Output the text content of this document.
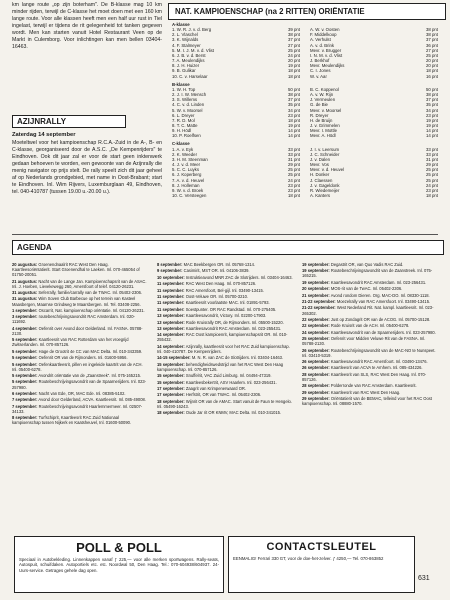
km lange route „op zijn boterham". De B-klasse mag 10 km minder rijden, terwijl de C-klasse het moet doen met een 160 km lange route. Voor alle klassen heeft men een half uur rust in Tiel ingelast, terwijl er tijdens de rit gelegenheid tot tanken gegeven wordt. Men kan starten vanuit Hotel Restaurant Veen op de Markt in Culemborg. Voor inlichtingen kan men bellen 03404-16463.
AZIJNRALLY
Zaterdag 14 september
Moeteltwel voor het kampioenschap R.C.A.-Zuid in de A-, B- en C-klasse, georganiseerd door de A.S.C. „De Kempenrijders" te Eindhoven. Ook dit jaar zal er voor de start geen inktenwerk gedaan behoeven te worden, een gewoonte van de Azijnrally die menig navigator op prijs stelt. De rally speelt zich dit jaar geheel af op Nederlands grondgebied, met name in Oost-Brabant; start te Eindhoven. Inl. Wim Rijvers, Luxemburglaan 49, Eindhoven, tel. 040-410787 (tussen 19.00 u.-20.00 u.).
NAT. KAMPIOENSCHAP (na 2 RITTEN) ORIËNTATIE
A-klasse
1. W. R. J. v. d. Berg	39 pnt
2. L. Vlaschel	38 pnt
3. K. Wijnalds	37 pnt
4. F. Stalmeyer	27 pnt
5. M. I. J. M. v. d. Vlist	25 pnt
6. J. B. v. d. Berst	24 pnt
7. A. Meulendijks	20 pnt
8. J. H. Huizer	19 pnt
9. B. Gulikar	18 pnt
10. C. v. Harselaar	18 pnt
A. W. v. Oosten	38 pnt
F. Middelkoop	38 pnt
A. Verhulst	37 pnt
A. v. d. Brink	36 pnt
Mevr. v. Brugger	27 pnt
I. N. M. v. d. Vlist	25 pnt
J. Berkhof	20 pnt
Mevr. Meulendijks	20 pnt
C. I. Jones	18 pnt
W. v. Aar	16 pnt
B-klasse
1. W. H. Top	50 pnt
2. J. I. W. Mensch	38 pnt
3. S. Willems	37 pnt
4. C. v. d. Linden	35 pnt
5. W. v. Moorsel	34 pnt
6. L. Dreyer	23 pnt
7. R. D. Mol	18 pnt
8. T. C. Matte	19 pnt
9. H. Hödl	14 pnt
10. P. Roelfsen	14 pnt
B. C. Koppenol	50 pnt
A. v. W. Rijn	38 pnt
J. Vermeulen	37 pnt
G. de Bie	35 pnt
Mevr. v. Moorsel	34 pnt
R. Dreyer	23 pnt
H. de Bruijn	19 pnt
J. v. Grimmelen	19 pnt
Mevr. I. Mottle	14 pnt
Mevr. A. Hödl	14 pnt
C-klasse
1. A. v. Eyk	33 pnt
2. K. Weeder	33 pnt
3. H. M. Steenman	31 pnt
4. J. v. d. Meer	29 pnt
5. C. C. Luyks	25 pnt
6. J. Koperberg	25 pnt
7. A. v. d. Heuvel	24 pnt
8. J. Holleman	23 pnt
9. W. v. d. Broek	23 pnt
10. C. Versteegen	18 pnt
J. I. v. Leersum	33 pnt
J. C. Schneider	33 pnt
J. v. Dalen	31 pnt
Mevr. Vos	29 pnt
Mevr. v. d. Heuvel	25 pnt
H. Donker	25 pnt
J. Claessen	25 pnt
J. v. Gageldonk	24 pnt
R. Wiedemeijer	23 pnt
A. Kanters	18 pnt
AGENDA

20 augustus: Groenendnaalrit RAC West Den Haag. Kaartleesoriëntatierit. Start Groenendhal te Laeken. Inl. 070-465054 of 01750-20051.

21 augustus: Nacht van de Lange Jan. Kampioenschapsrit van de ASAC. Inl. J. Hoeben, Lievekewegg 260, Amersfoort of telef. 04120-26231.

31 augustus: Seferrally, familie/carrally van de TWAC. Inl. 05402-2306.

31 augustus: Wim Soven Club Barbecue op het terrein van Kasteel Maasbergen, Maarnse Grindweg te Maarsbergen. Inl. Tel. 03408-2256.

1 september: Oscarrit, Nat. kampioenschap oriëntatie. Inl. 04120-26231.

3 september: routebeschrijvingsavondrit RAC Amsterdam. Inl. 020-111692.

4 september: Oefenrit over Avond door Gelderland. Inl. FASNA. 05788-2130.

5 september: Kaartleesrit van RAC Rotterdam van het vroegrijd Zwitserlanden. Inl. 070-857126.

5 september: Hage de Grootrit 4e CC van MAC Delta. Inl. 010-343359.

5 september: Oefenrit OR van de Rijmonders. Inl. 01600-5956.

5 september: Oefenkaartleesrit, pillen en ingeleide kaartrit van de ACH. Inl. 05400-6278.

5 september: Avondrit oriëntatie van de „Zaanstreek". Inl. 075-165215.

5 september: Routebeschrijvingsavondrit van de Spaarnerijders. Inl. 023-257980.

6 september: Nacht van Ede, OR, MAC Ede. Inl. 08385-5102.

7 september: Avond door Gelderland, ACVA. Kaartleesrit. Inl. 085-49008.

7 september: Routebeschrijvingsavondrit Haarlemmermeer. Inl. 02507-34133.

8 september: Turfschiprit, Kaartleesrit RAC Zuid Nationaal kampioenschap tussen Nijkerk en Kaatsheuvel, Inl. 01600-50090.

8 september: MAC Beekbergen OR. Inl. 05768-1314.

9 september: Casimirit, MST OR. Inl. 04106-3839.

10 september: Instruktieavond MNR ZAC de Slotrijders. Inl. 03404-16463.

11 september: RAC West Den Haag. Inl. 070-857126.

11 september: RAC Amersfoort, Bel-gijl. Inl. 03490-13415.

11 september: Oost-Veluwe OR. Inl. 05700-3210.

11 september: Kaartleesrit voorlaatste MAC. Inl. 01891-5793.

11 september: Soestpunter. OR RAC Randstad. Inl. 070-275405.

13 september: Kaartleesavondrit, Victory. Inl. 02200-17903.

13 september: Rode Kruisrally OR, de Rijmonders. Inl. 05500-15220.

13 september: Kaartleesavondrit RAC Amsterdam. Inl. 023-255431.

14 september: RAC Oost kampioenrit, kampioenschapsrit OR. Inl. 010-255432.

14 september: Azijnrally, kaartleesrit voor het RAC Zuid kampioenschap. Inl. 040-410787. De Kempenrijders.

14-15 september: M. N. R. van ZAC de Slotrijders. Inl. 03404-16463.

15 september: behendigheidswedstrijd van het RAC West Den Haag kampioenschap. Inl. 070-857126.

15 september: Snuffelrit, VAC Zuid Limburg. Inl. 04494-47319.

15 september: Kaartleesbekertrit, ASV Haarlem. Inl. 023-256431.

17 september: Zaagrit van Krimpenerwaard OR.

17 september: Herfstrit, OR van TWAC. Inl. 05402-2306.

18 september: Wijnrit OR van de AMAC. Start vanuit de Faun te Hengelo. Inl. 05490-16243.

18 september: Oude Jar rit OR KNMV, MAC Delta. Inl. 010-341015.

19 september: Degastrit OR, van Quo Vadis RAC Zuid.

19 september: Routebeschrijvingsavondrit van de Zaanstreek. Inl. 075-165215.

19 september: Kaartleesavondrit RAC Amsterdam. Inl. 023-256431.

20 september: MOS-rit van de TwAC. Inl. 05402-2306.

21 september: Avond rondom Dieren. Org. MAC-DO. Inl. 08330-1118.

21-22 september: Moezelrally van RAC Amersfoort. Inl. 03490-13415.

21-22 september: West Nederland Rit. Nat. kampl. kaartleesrit. Inl. 023-265302.

22 september: Just op Zondagrit OR van de ACOG. Inl. 05700-15128.

22 september: Rode Kruisrit van de ACH. Inl. 05400-6278.

24 september: Kaartleesavondrit van de Spaarnerijders. Inl. 023-257980.

25 september: Oefenrit voor Midden Veluwe Rit van de FASNA. Inl. 05788-2130.

26 september: Routebeschrijvingsavondrit van de MAC-NO te Nunspeet. Inl. 03410-5319.

26 september: Kaartleesavondrit RAC Amersfoort. Inl. 03490-13476.

26 september: Kaartleesrit van ACVA te Arnhem. Inl. 085-434226.

28 september: Kaartleesrit van SLS, RAC West Den Haag. Inl. 070-857126.

28 september: Polderronde van RAC Amsterdam. Kaartleesrit.

29 september: Kaartleesrit van RAC West Den Haag.

29 september: Oriëntatierit van de BEMAC, telleind voor het RAC Oost kampioenschap. Inl. 08880-1570.

POLL & POLL
Speciaal in Autobekleding. Linnenkappen vanaf ƒ 225,— voor alle merken sportwagens. Rally-seats, Autospuit, schuifdaken. Autoportiels etc. etc. Noordwal 50, Den Haag. Tel.: 070-604938/604937. 24-Uurs-service. Getrages gehele dag open.
CONTACTSLEUTEL
EENMALIG! Ferrari 330 GT, voor de doe-het-zelver. ƒ 4250,— Tel. 070-863852
631
